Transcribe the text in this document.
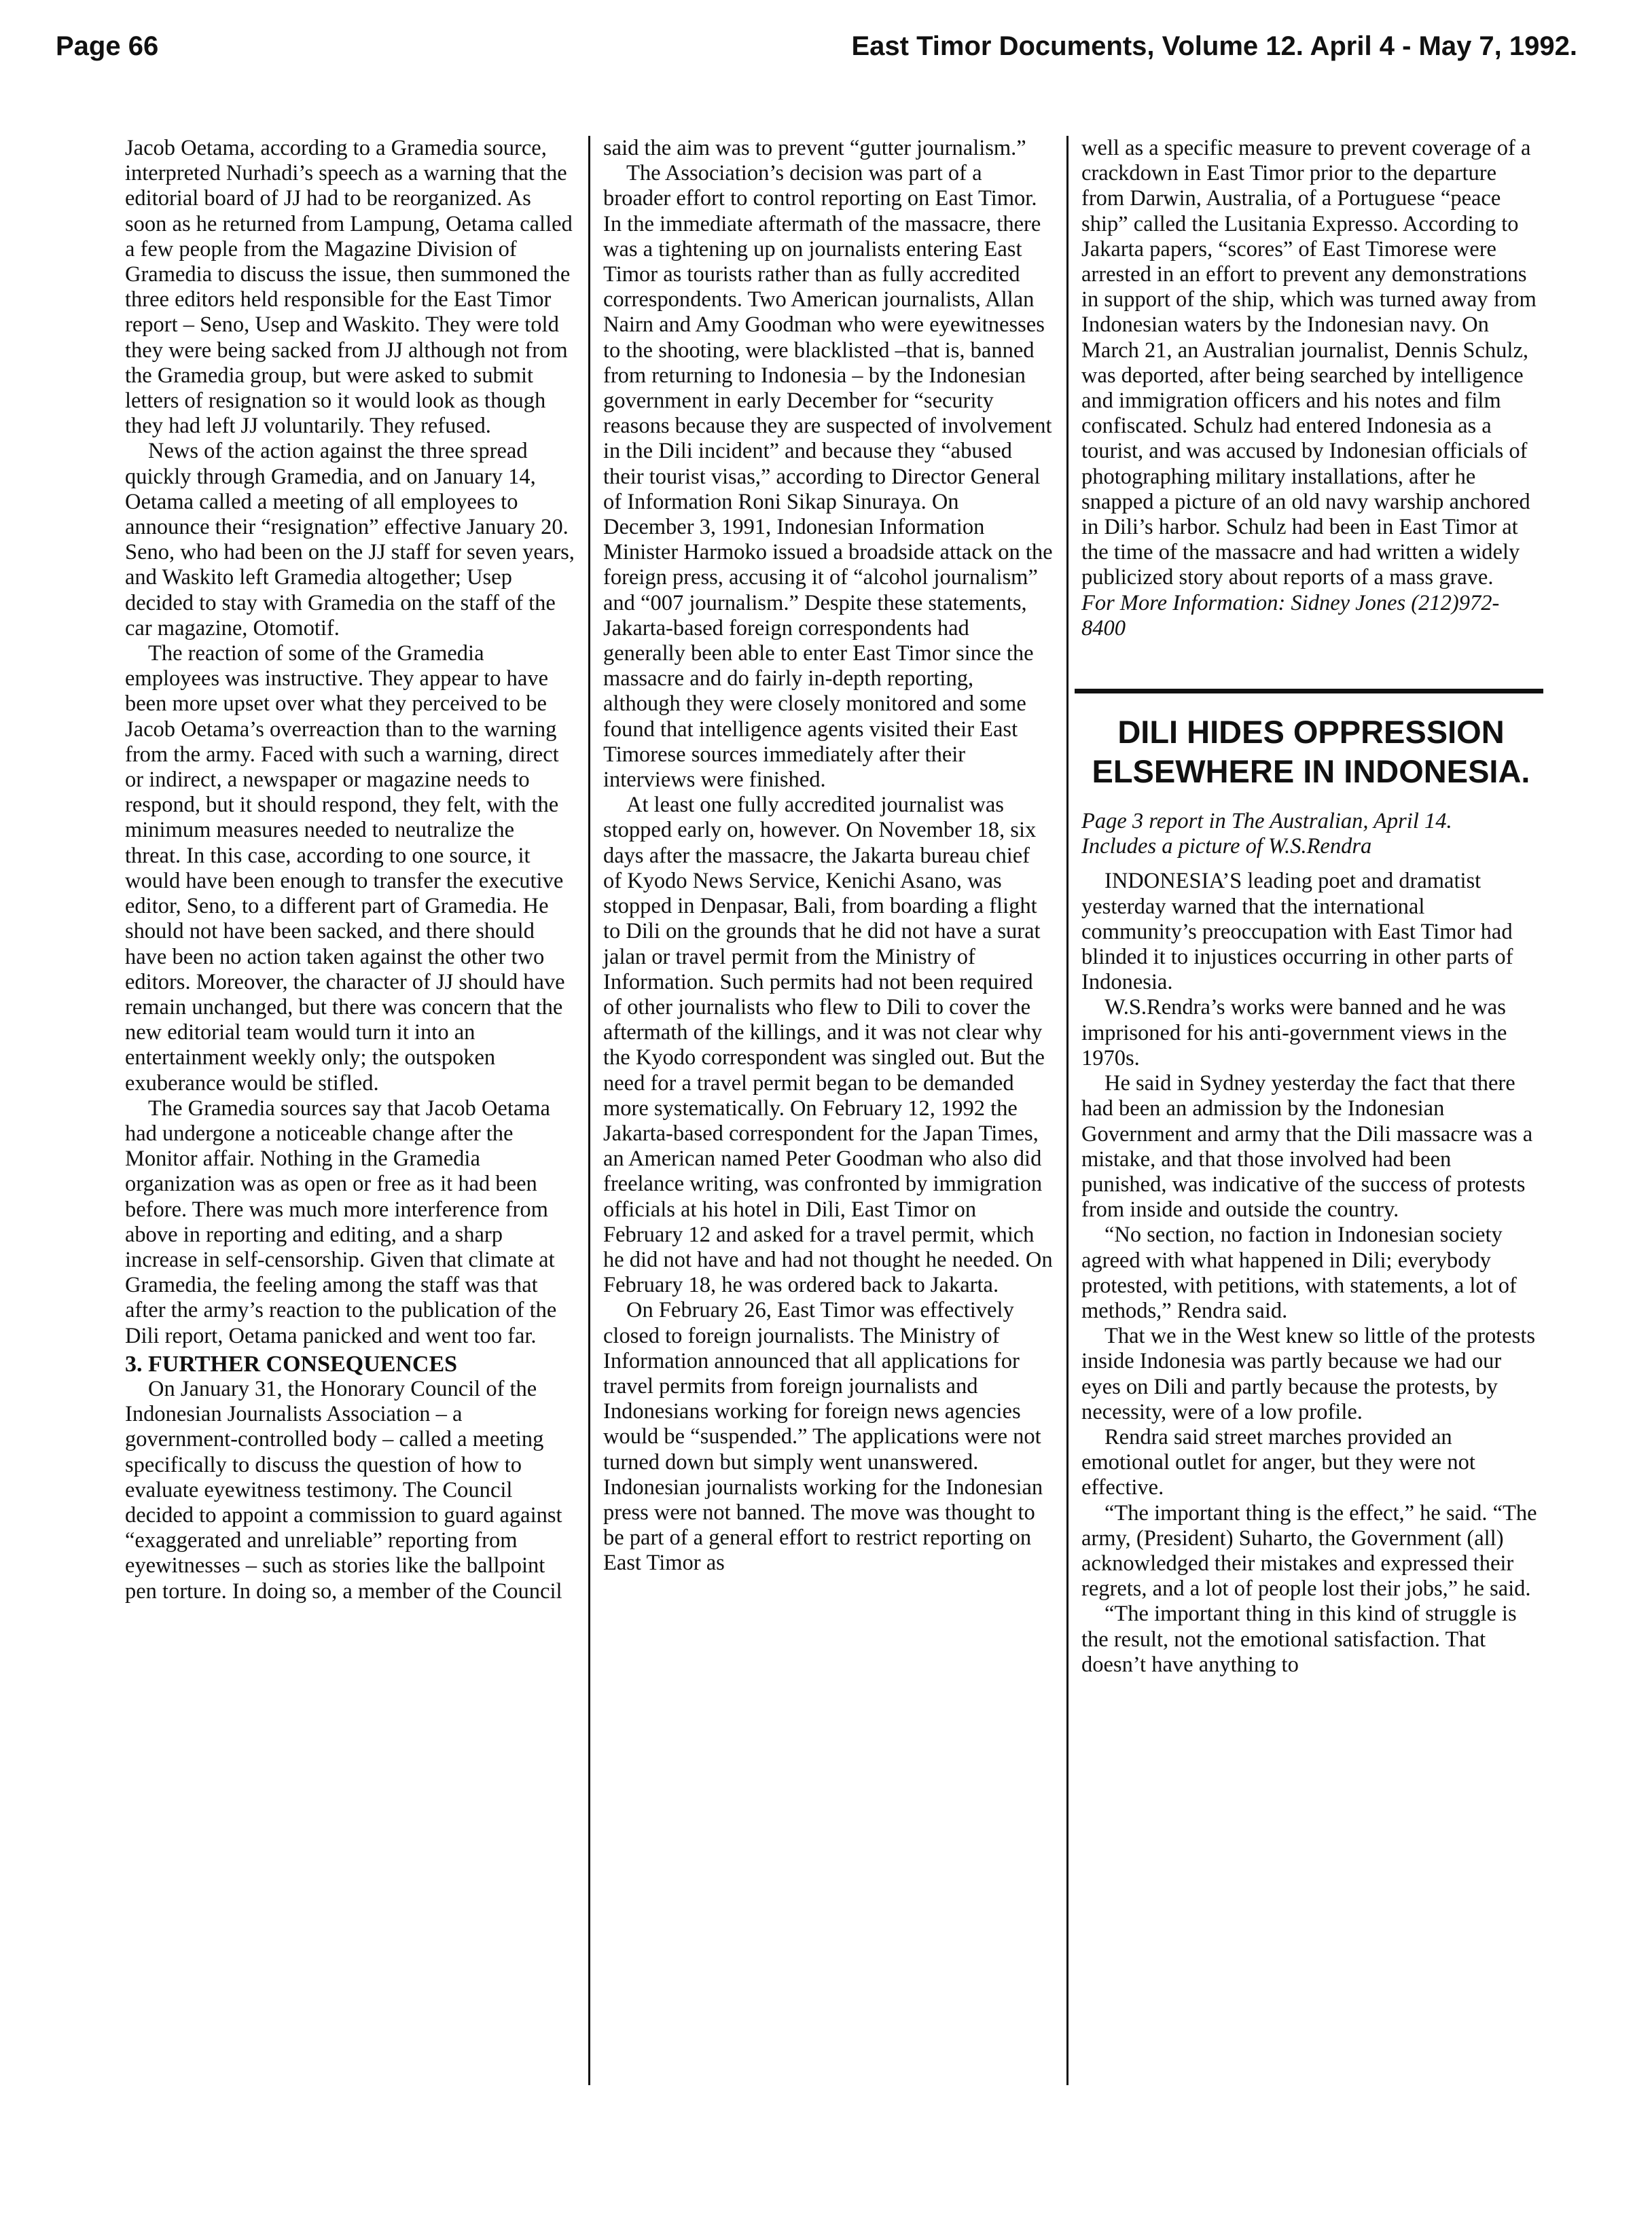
Page 66	East Timor Documents, Volume 12. April 4 - May 7, 1992.

Jacob Oetama, according to a Gramedia source, interpreted Nurhadi’s speech as a warning that the editorial board of JJ had to be reorganized. As soon as he returned from Lampung, Oetama called a few people from the Magazine Division of Gramedia to discuss the issue, then summoned the three editors held responsible for the East Timor report – Seno, Usep and Waskito. They were told they were being sacked from JJ although not from the Gramedia group, but were asked to submit letters of resignation so it would look as though they had left JJ voluntarily. They refused.

News of the action against the three spread quickly through Gramedia, and on January 14, Oetama called a meeting of all employees to announce their “resignation” effective January 20. Seno, who had been on the JJ staff for seven years, and Waskito left Gramedia altogether; Usep decided to stay with Gramedia on the staff of the car magazine, Otomotif.

The reaction of some of the Gramedia employees was instructive. They appear to have been more upset over what they perceived to be Jacob Oetama’s overreaction than to the warning from the army. Faced with such a warning, direct or indirect, a newspaper or magazine needs to respond, but it should respond, they felt, with the minimum measures needed to neutralize the threat. In this case, according to one source, it would have been enough to transfer the executive editor, Seno, to a different part of Gramedia. He should not have been sacked, and there should have been no action taken against the other two editors. Moreover, the character of JJ should have remain unchanged, but there was concern that the new editorial team would turn it into an entertainment weekly only; the outspoken exuberance would be stifled.

The Gramedia sources say that Jacob Oetama had undergone a noticeable change after the Monitor affair. Nothing in the Gramedia organization was as open or free as it had been before. There was much more interference from above in reporting and editing, and a sharp increase in self-censorship. Given that climate at Gramedia, the feeling among the staff was that after the army’s reaction to the publication of the Dili report, Oetama panicked and went too far.

3. FURTHER CONSEQUENCES

On January 31, the Honorary Council of the Indonesian Journalists Association – a government-controlled body – called a meeting specifically to discuss the question of how to evaluate eyewitness testimony. The Council decided to appoint a commission to guard against “exaggerated and unreliable” reporting from eyewitnesses – such as stories like the ballpoint pen torture. In doing so, a member of the Council

said the aim was to prevent “gutter journalism.”

The Association’s decision was part of a broader effort to control reporting on East Timor. In the immediate aftermath of the massacre, there was a tightening up on journalists entering East Timor as tourists rather than as fully accredited correspondents. Two American journalists, Allan Nairn and Amy Goodman who were eyewitnesses to the shooting, were blacklisted –that is, banned from returning to Indonesia – by the Indonesian government in early December for “security reasons because they are suspected of involvement in the Dili incident” and because they “abused their tourist visas,” according to Director General of Information Roni Sikap Sinuraya. On December 3, 1991, Indonesian Information Minister Harmoko issued a broadside attack on the foreign press, accusing it of “alcohol journalism” and “007 journalism.” Despite these statements, Jakarta-based foreign correspondents had generally been able to enter East Timor since the massacre and do fairly in-depth reporting, although they were closely monitored and some found that intelligence agents visited their East Timorese sources immediately after their interviews were finished.

At least one fully accredited journalist was stopped early on, however. On November 18, six days after the massacre, the Jakarta bureau chief of Kyodo News Service, Kenichi Asano, was stopped in Denpasar, Bali, from boarding a flight to Dili on the grounds that he did not have a surat jalan or travel permit from the Ministry of Information. Such permits had not been required of other journalists who flew to Dili to cover the aftermath of the killings, and it was not clear why the Kyodo correspondent was singled out. But the need for a travel permit began to be demanded more systematically. On February 12, 1992 the Jakarta-based correspondent for the Japan Times, an American named Peter Goodman who also did freelance writing, was confronted by immigration officials at his hotel in Dili, East Timor on February 12 and asked for a travel permit, which he did not have and had not thought he needed. On February 18, he was ordered back to Jakarta.

On February 26, East Timor was effectively closed to foreign journalists. The Ministry of Information announced that all applications for travel permits from foreign journalists and Indonesians working for foreign news agencies would be “suspended.” The applications were not turned down but simply went unanswered. Indonesian journalists working for the Indonesian press were not banned. The move was thought to be part of a general effort to restrict reporting on East Timor as

well as a specific measure to prevent coverage of a crackdown in East Timor prior to the departure from Darwin, Australia, of a Portuguese “peace ship” called the Lusitania Expresso. According to Jakarta papers, “scores” of East Timorese were arrested in an effort to prevent any demonstrations in support of the ship, which was turned away from Indonesian waters by the Indonesian navy. On March 21, an Australian journalist, Dennis Schulz, was deported, after being searched by intelligence and immigration officers and his notes and film confiscated. Schulz had entered Indonesia as a tourist, and was accused by Indonesian officials of photographing military installations, after he snapped a picture of an old navy warship anchored in Dili’s harbor. Schulz had been in East Timor at the time of the massacre and had written a widely publicized story about reports of a mass grave.

For More Information: Sidney Jones (212)972-8400

DILI HIDES OPPRESSION ELSEWHERE IN INDONESIA.

Page 3 report in The Australian, April 14.

Includes a picture of W.S.Rendra

INDONESIA’S leading poet and dramatist yesterday warned that the international community’s preoccupation with East Timor had blinded it to injustices occurring in other parts of Indonesia.

W.S.Rendra’s works were banned and he was imprisoned for his anti-government views in the 1970s.

He said in Sydney yesterday the fact that there had been an admission by the Indonesian Government and army that the Dili massacre was a mistake, and that those involved had been punished, was indicative of the success of protests from inside and outside the country.

“No section, no faction in Indonesian society agreed with what happened in Dili; everybody protested, with petitions, with statements, a lot of methods,” Rendra said.

That we in the West knew so little of the protests inside Indonesia was partly because we had our eyes on Dili and partly because the protests, by necessity, were of a low profile.

Rendra said street marches provided an emotional outlet for anger, but they were not effective.

“The important thing is the effect,” he said. “The army, (President) Suharto, the Government (all) acknowledged their mistakes and expressed their regrets, and a lot of people lost their jobs,” he said.

“The important thing in this kind of struggle is the result, not the emotional satisfaction. That doesn’t have anything to
